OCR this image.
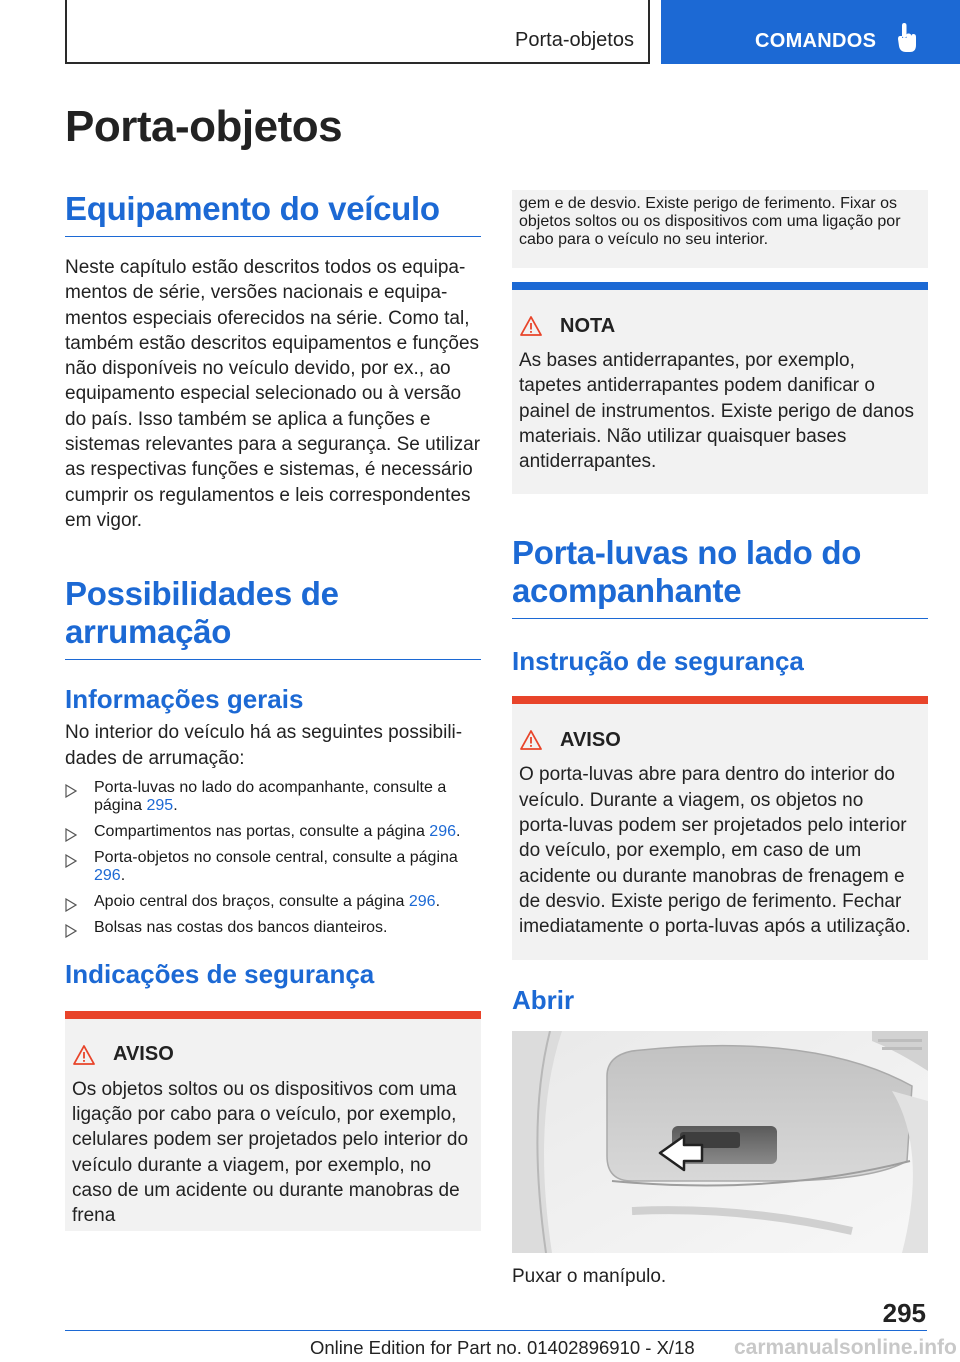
Porta-objetos	COMANDOS
Porta-objetos
Equipamento do veículo

Neste capítulo estão descritos todos os equipamentos de série, versões nacionais e equipamentos especiais oferecidos na série. Como tal, também estão descritos equipamentos e funções não disponíveis no veículo devido, por ex., ao equipamento especial selecionado ou à versão do país. Isso também se aplica a funções e sistemas relevantes para a segurança. Se utilizar as respectivas funções e sistemas, é necessário cumprir os regulamentos e leis correspondentes em vigor.

Possibilidades de arrumação
Informações gerais

No interior do veículo há as seguintes possibilidades de arrumação:

Porta-luvas no lado do acompanhante, consulte a página 295.
Compartimentos nas portas, consulte a página 296.
Porta-objetos no console central, consulte a página 296.
Apoio central dos braços, consulte a página 296.
Bolsas nas costas dos bancos dianteiros.
Indicações de segurança
AVISO
Os objetos soltos ou os dispositivos com uma ligação por cabo para o veículo, por exemplo, celulares podem ser projetados pelo interior do veículo durante a viagem, por exemplo, no caso de um acidente ou durante manobras de frena
gem e de desvio. Existe perigo de ferimento. Fixar os objetos soltos ou os dispositivos com uma ligação por cabo para o veículo no seu interior.
NOTA
As bases antiderrapantes, por exemplo, tapetes antiderrapantes podem danificar o painel de instrumentos. Existe perigo de danos materiais. Não utilizar quaisquer bases antiderrapantes.
Porta-luvas no lado do acompanhante
Instrução de segurança
AVISO
O porta-luvas abre para dentro do interior do veículo. Durante a viagem, os objetos no porta-luvas podem ser projetados pelo interior do veículo, por exemplo, em caso de um acidente ou durante manobras de frenagem e de desvio. Existe perigo de ferimento. Fechar imediatamente o porta-luvas após a utilização.
Abrir
Puxar o manípulo.
295
Online Edition for Part no. 01402896910 - X/18 carmanualsonline.info
